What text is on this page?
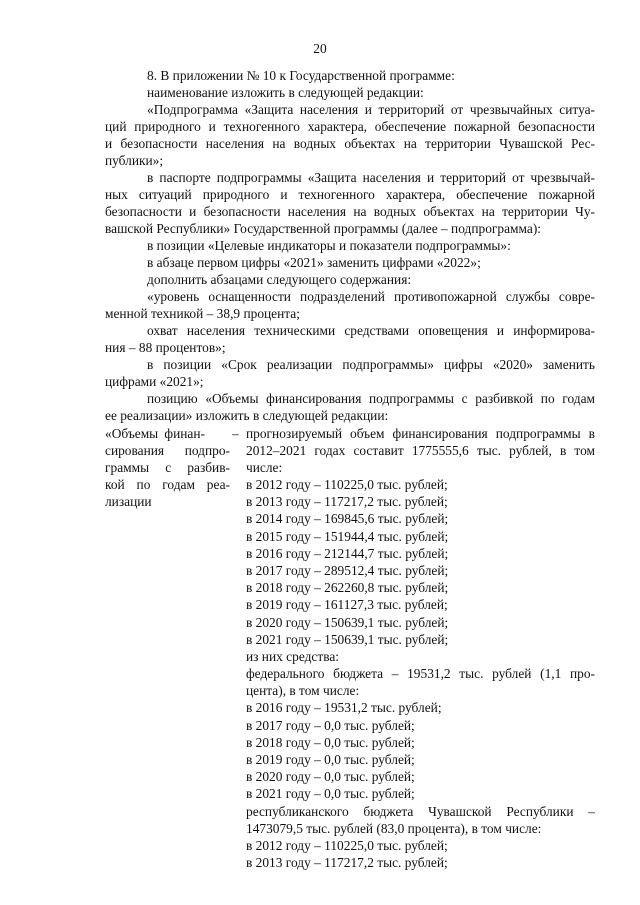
20
8. В приложении № 10 к Государственной программе:
наименование изложить в следующей редакции:
«Подпрограмма «Защита населения и территорий от чрезвычайных ситуа-
ций природного и техногенного характера, обеспечение пожарной безопасности
и безопасности населения на водных объектах на территории Чувашской Рес-
публики»;
в паспорте подпрограммы «Защита населения и территорий от чрезвычай-
ных ситуаций природного и техногенного характера, обеспечение пожарной
безопасности и безопасности населения на водных объектах на территории Чу-
вашской Республики» Государственной программы (далее – подпрограмма):
в позиции «Целевые индикаторы и показатели подпрограммы»:
в абзаце первом цифры «2021» заменить цифрами «2022»;
дополнить абзацами следующего содержания:
«уровень оснащенности подразделений противопожарной службы совре-
менной техникой – 38,9 процента;
охват населения техническими средствами оповещения и информирова-
ния – 88 процентов»;
в позиции «Срок реализации подпрограммы» цифры «2020» заменить
цифрами «2021»;
позицию «Объемы финансирования подпрограммы с разбивкой по годам
ее реализации» изложить в следующей редакции:
«Объемы финан- –
сирования подпро-
граммы с разбив-
кой по годам реа-
лизации
прогнозируемый объем финансирования подпрограммы в
2012–2021 годах составит 1775555,6 тыс. рублей, в том
числе:
в 2012 году – 110225,0 тыс. рублей;
в 2013 году – 117217,2 тыс. рублей;
в 2014 году – 169845,6 тыс. рублей;
в 2015 году – 151944,4 тыс. рублей;
в 2016 году – 212144,7 тыс. рублей;
в 2017 году – 289512,4 тыс. рублей;
в 2018 году – 262260,8 тыс. рублей;
в 2019 году – 161127,3 тыс. рублей;
в 2020 году – 150639,1 тыс. рублей;
в 2021 году – 150639,1 тыс. рублей;
из них средства:
федерального бюджета – 19531,2 тыс. рублей (1,1 про-
цента), в том числе:
в 2016 году – 19531,2 тыс. рублей;
в 2017 году – 0,0 тыс. рублей;
в 2018 году – 0,0 тыс. рублей;
в 2019 году – 0,0 тыс. рублей;
в 2020 году – 0,0 тыс. рублей;
в 2021 году – 0,0 тыс. рублей;
республиканского бюджета Чувашской Республики –
1473079,5 тыс. рублей (83,0 процента), в том числе:
в 2012 году – 110225,0 тыс. рублей;
в 2013 году – 117217,2 тыс. рублей;
